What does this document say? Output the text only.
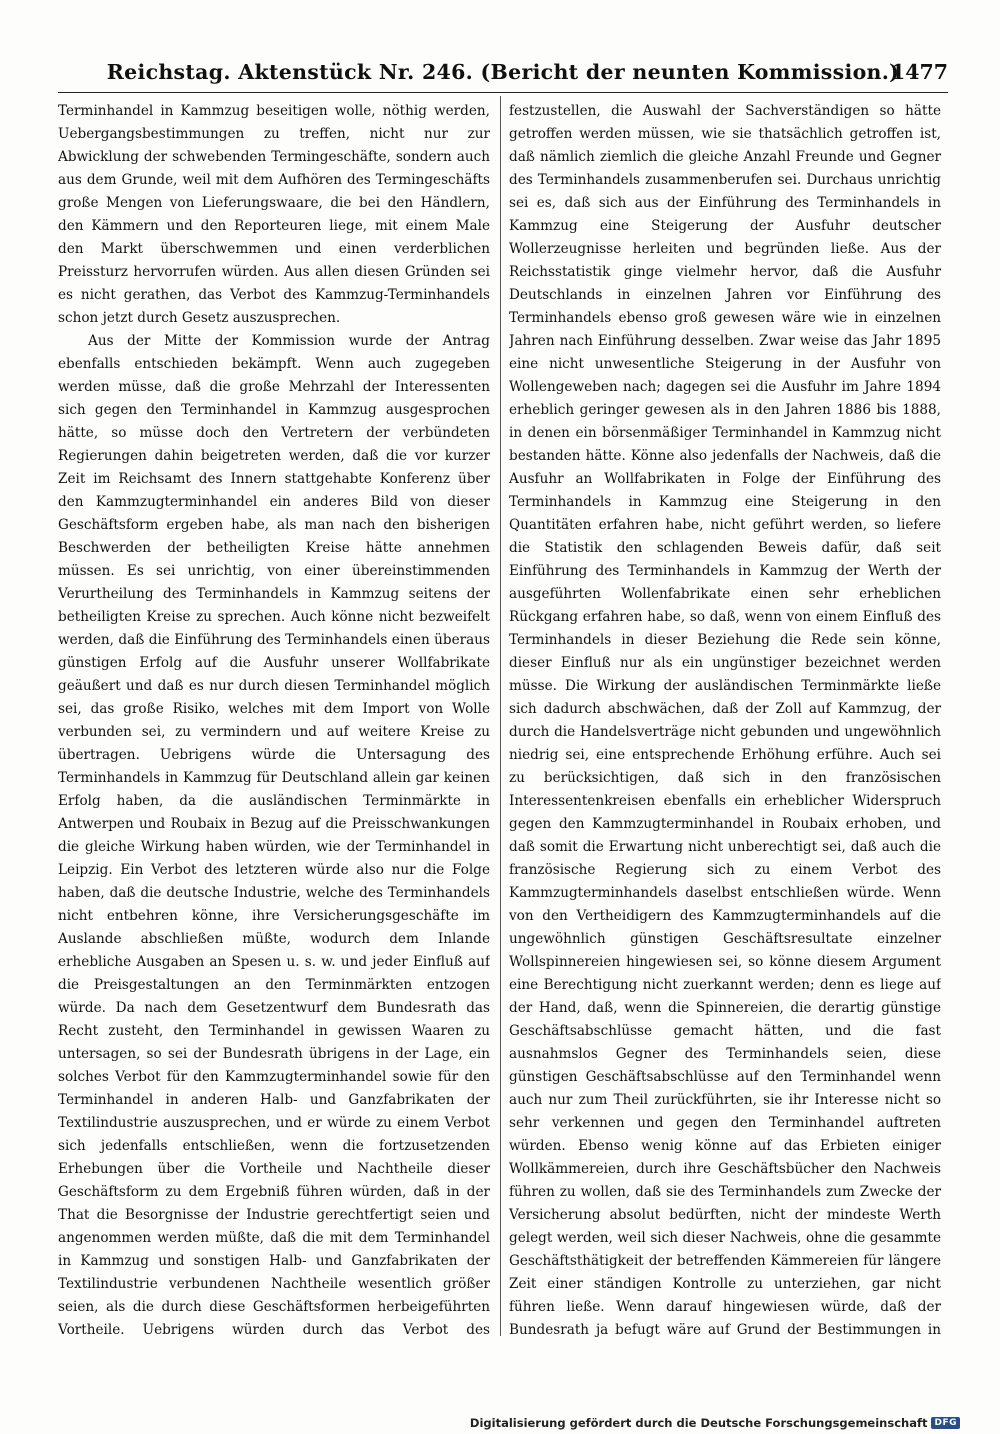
Reichstag. Aktenstück Nr. 246. (Bericht der neunten Kommission.)
1477

Terminhandel in Kammzug beseitigen wolle, nöthig werden, Uebergangsbestimmungen zu treffen, nicht nur zur Abwicklung der schwebenden Termingeschäfte, sondern auch aus dem Grunde, weil mit dem Aufhören des Termingeschäfts große Mengen von Lieferungswaare, die bei den Händlern, den Kämmern und den Reporteuren liege, mit einem Male den Markt überschwemmen und einen verderblichen Preissturz hervorrufen würden. Aus allen diesen Gründen sei es nicht gerathen, das Verbot des Kammzug-Terminhandels schon jetzt durch Gesetz auszusprechen.

Aus der Mitte der Kommission wurde der Antrag ebenfalls entschieden bekämpft. Wenn auch zugegeben werden müsse, daß die große Mehrzahl der Interessenten sich gegen den Terminhandel in Kammzug ausgesprochen hätte, so müsse doch den Vertretern der verbündeten Regierungen dahin beigetreten werden, daß die vor kurzer Zeit im Reichsamt des Innern stattgehabte Konferenz über den Kammzugterminhandel ein anderes Bild von dieser Geschäftsform ergeben habe, als man nach den bisherigen Beschwerden der betheiligten Kreise hätte annehmen müssen. Es sei unrichtig, von einer übereinstimmenden Verurtheilung des Terminhandels in Kammzug seitens der betheiligten Kreise zu sprechen. Auch könne nicht bezweifelt werden, daß die Einführung des Terminhandels einen überaus günstigen Erfolg auf die Ausfuhr unserer Wollfabrikate geäußert und daß es nur durch diesen Terminhandel möglich sei, das große Risiko, welches mit dem Import von Wolle verbunden sei, zu vermindern und auf weitere Kreise zu übertragen. Uebrigens würde die Untersagung des Terminhandels in Kammzug für Deutschland allein gar keinen Erfolg haben, da die ausländischen Terminmärkte in Antwerpen und Roubaix in Bezug auf die Preisschwankungen die gleiche Wirkung haben würden, wie der Terminhandel in Leipzig. Ein Verbot des letzteren würde also nur die Folge haben, daß die deutsche Industrie, welche des Terminhandels nicht entbehren könne, ihre Versicherungsgeschäfte im Auslande abschließen müßte, wodurch dem Inlande erhebliche Ausgaben an Spesen u. s. w. und jeder Einfluß auf die Preisgestaltungen an den Terminmärkten entzogen würde. Da nach dem Gesetzentwurf dem Bundesrath das Recht zusteht, den Terminhandel in gewissen Waaren zu untersagen, so sei der Bundesrath übrigens in der Lage, ein solches Verbot für den Kammzugterminhandel sowie für den Terminhandel in anderen Halb- und Ganzfabrikaten der Textilindustrie auszusprechen, und er würde zu einem Verbot sich jedenfalls entschließen, wenn die fortzusetzenden Erhebungen über die Vortheile und Nachtheile dieser Geschäftsform zu dem Ergebniß führen würden, daß in der That die Besorgnisse der Industrie gerechtfertigt seien und angenommen werden müßte, daß die mit dem Terminhandel in Kammzug und sonstigen Halb- und Ganzfabrikaten der Textilindustrie verbundenen Nachtheile wesentlich größer seien, als die durch diese Geschäftsformen herbeigeführten Vortheile. Uebrigens würden durch das Verbot des

festzustellen, die Auswahl der Sachverständigen so hätte getroffen werden müssen, wie sie thatsächlich getroffen ist, daß nämlich ziemlich die gleiche Anzahl Freunde und Gegner des Terminhandels zusammenberufen sei. Durchaus unrichtig sei es, daß sich aus der Einführung des Terminhandels in Kammzug eine Steigerung der Ausfuhr deutscher Wollerzeugnisse herleiten und begründen ließe. Aus der Reichsstatistik ginge vielmehr hervor, daß die Ausfuhr Deutschlands in einzelnen Jahren vor Einführung des Terminhandels ebenso groß gewesen wäre wie in einzelnen Jahren nach Einführung desselben. Zwar weise das Jahr 1895 eine nicht unwesentliche Steigerung in der Ausfuhr von Wollengeweben nach; dagegen sei die Ausfuhr im Jahre 1894 erheblich geringer gewesen als in den Jahren 1886 bis 1888, in denen ein börsenmäßiger Terminhandel in Kammzug nicht bestanden hätte. Könne also jedenfalls der Nachweis, daß die Ausfuhr an Wollfabrikaten in Folge der Einführung des Terminhandels in Kammzug eine Steigerung in den Quantitäten erfahren habe, nicht geführt werden, so liefere die Statistik den schlagenden Beweis dafür, daß seit Einführung des Terminhandels in Kammzug der Werth der ausgeführten Wollenfabrikate einen sehr erheblichen Rückgang erfahren habe, so daß, wenn von einem Einfluß des Terminhandels in dieser Beziehung die Rede sein könne, dieser Einfluß nur als ein ungünstiger bezeichnet werden müsse. Die Wirkung der ausländischen Terminmärkte ließe sich dadurch abschwächen, daß der Zoll auf Kammzug, der durch die Handelsverträge nicht gebunden und ungewöhnlich niedrig sei, eine entsprechende Erhöhung erführe. Auch sei zu berücksichtigen, daß sich in den französischen Interessentenkreisen ebenfalls ein erheblicher Widerspruch gegen den Kammzugterminhandel in Roubaix erhoben, und daß somit die Erwartung nicht unberechtigt sei, daß auch die französische Regierung sich zu einem Verbot des Kammzugterminhandels daselbst entschließen würde. Wenn von den Vertheidigern des Kammzugterminhandels auf die ungewöhnlich günstigen Geschäftsresultate einzelner Wollspinnereien hingewiesen sei, so könne diesem Argument eine Berechtigung nicht zuerkannt werden; denn es liege auf der Hand, daß, wenn die Spinnereien, die derartig günstige Geschäftsabschlüsse gemacht hätten, und die fast ausnahmslos Gegner des Terminhandels seien, diese günstigen Geschäftsabschlüsse auf den Terminhandel wenn auch nur zum Theil zurückführten, sie ihr Interesse nicht so sehr verkennen und gegen den Terminhandel auftreten würden. Ebenso wenig könne auf das Erbieten einiger Wollkämmereien, durch ihre Geschäftsbücher den Nachweis führen zu wollen, daß sie des Terminhandels zum Zwecke der Versicherung absolut bedürften, nicht der mindeste Werth gelegt werden, weil sich dieser Nachweis, ohne die gesammte Geschäftsthätigkeit der betreffenden Kämmereien für längere Zeit einer ständigen Kontrolle zu unterziehen, gar nicht führen ließe. Wenn darauf hingewiesen würde, daß der Bundesrath ja befugt wäre auf Grund der Bestimmungen in

Digitalisierung gefördert durch die Deutsche Forschungsgemeinschaft DFG
